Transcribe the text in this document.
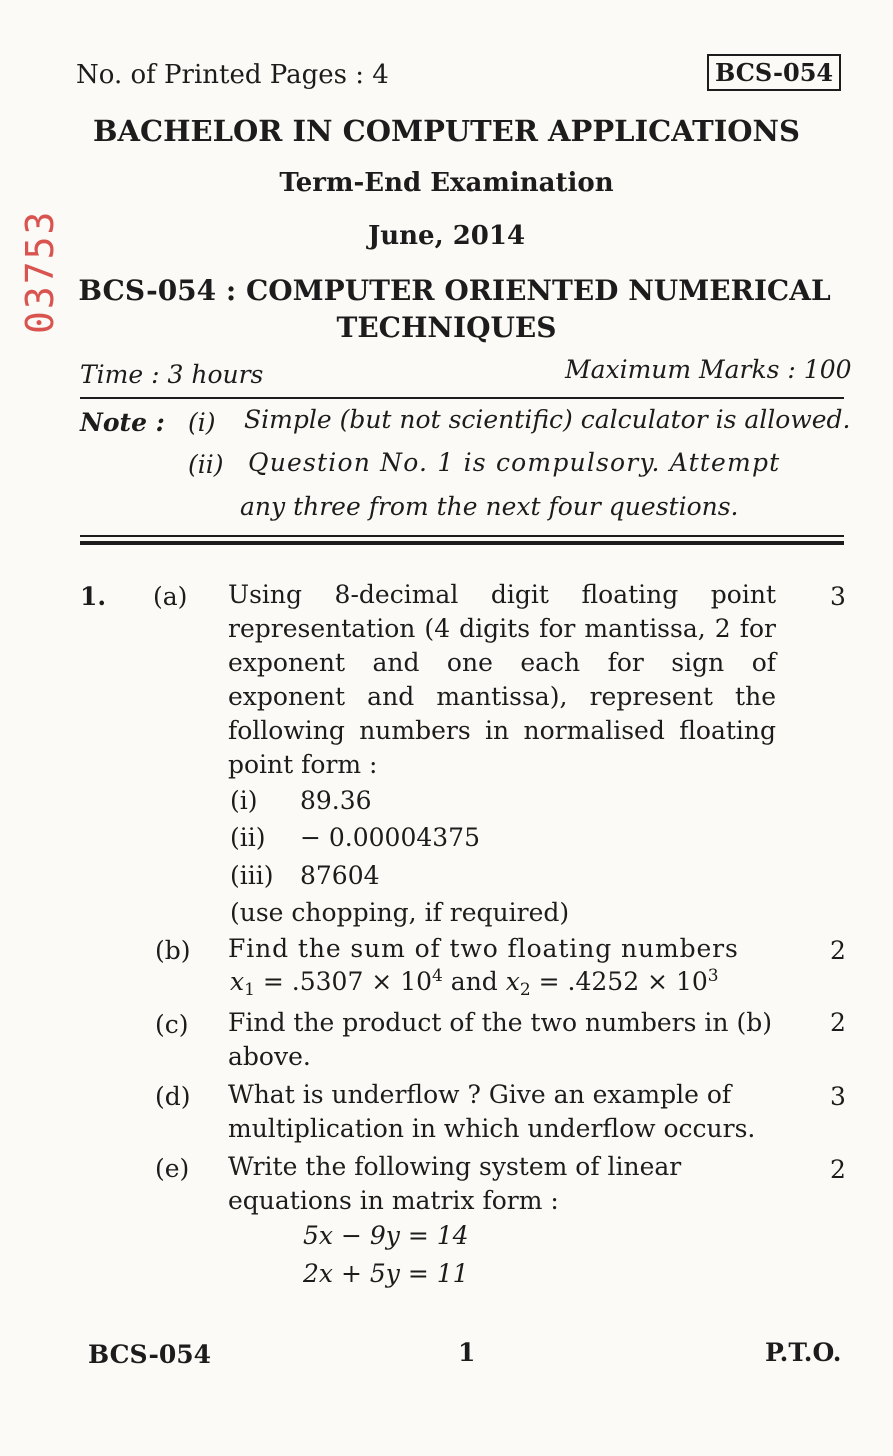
No. of Printed Pages : 4	BCS-054
03753
BACHELOR IN COMPUTER APPLICATIONS
Term-End Examination
June, 2014
BCS-054 : COMPUTER ORIENTED NUMERICAL
TECHNIQUES
Time : 3 hours	Maximum Marks : 100
Note : (i) Simple (but not scientific) calculator is allowed.
(ii) Question No. 1 is compulsory. Attempt
any three from the next four questions.
1. (a) Using 8-decimal digit floating point representation (4 digits for mantissa, 2 for exponent and one each for sign of exponent and mantissa), represent the following numbers in normalised floating point form :
3
(i) 89.36
(ii) − 0.00004375
(iii) 87604
(use chopping, if required)
(b) Find the sum of two floating numbers	2
$x_1 = .5307 \times 10^4$ and $x_2 = .4252 \times 10^3$
(c) Find the product of the two numbers in (b) above.
2
(d) What is underflow ? Give an example of multiplication in which underflow occurs.
3
(e) Write the following system of linear equations in matrix form :
2
5x − 9y = 14
2x + 5y = 11
BCS-054	1	P.T.O.
